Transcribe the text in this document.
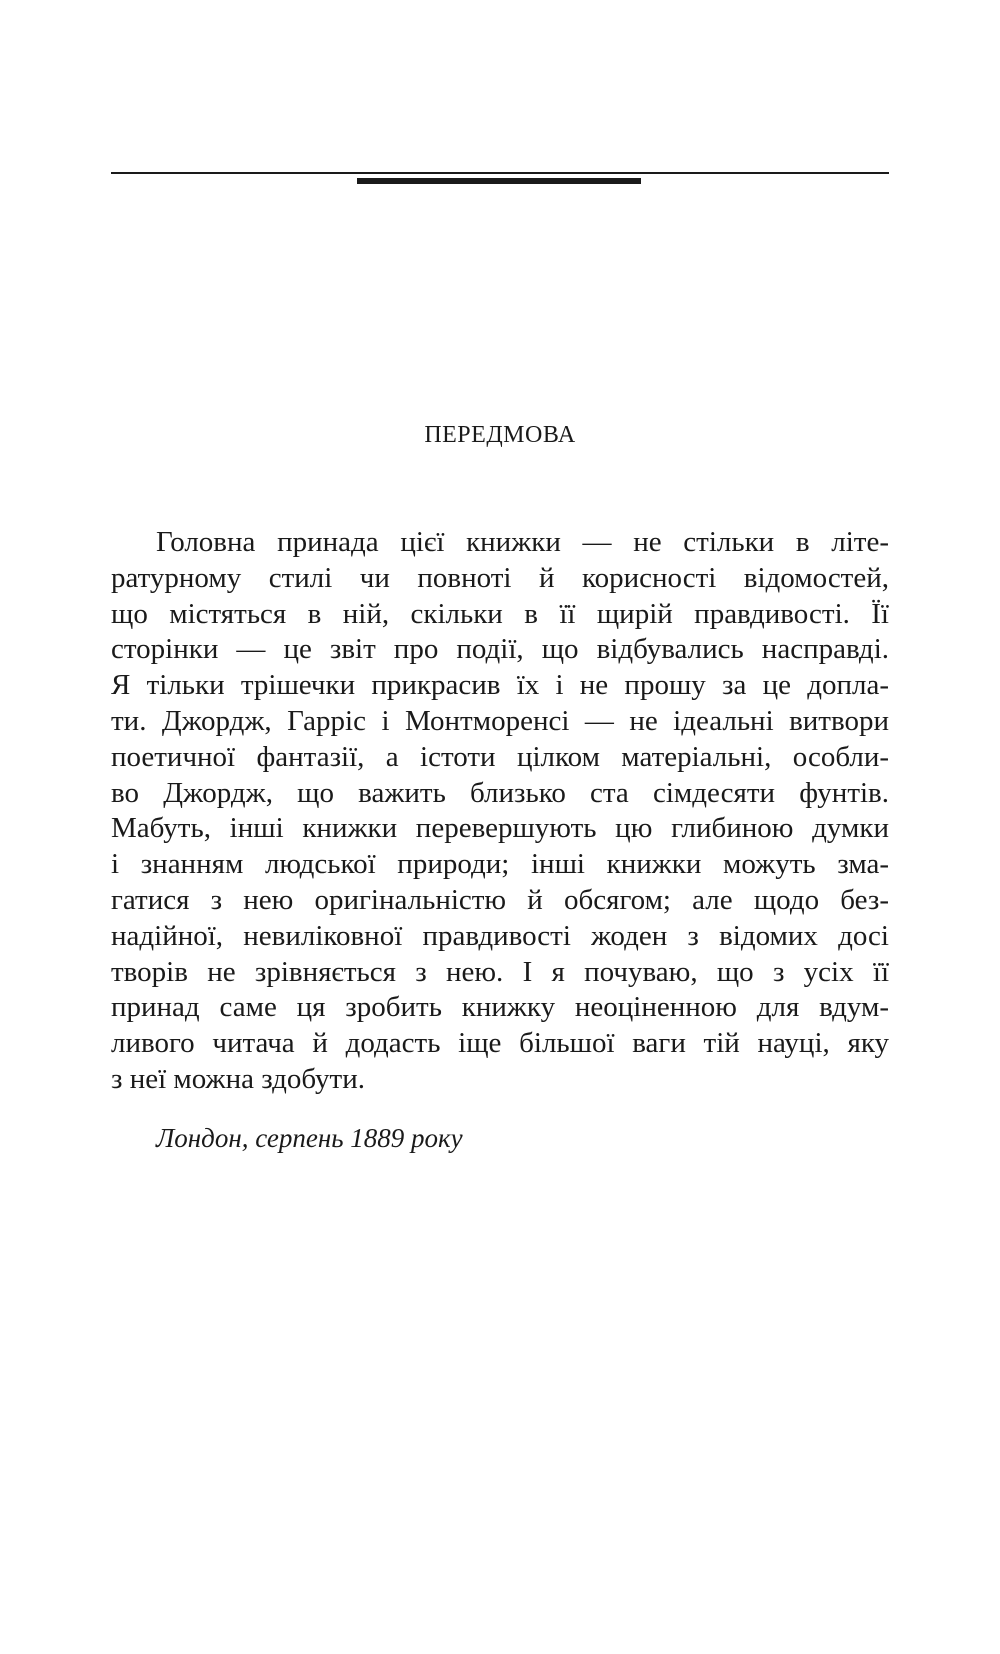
ПЕРЕДМОВА
Головна принада цієї книжки — не стільки в літе-
ратурному стилі чи повноті й корисності відомостей,
що містяться в ній, скільки в її щирій правдивості. Її
сторінки — це звіт про події, що відбувались насправді.
Я тільки трішечки прикрасив їх і не прошу за це допла-
ти. Джордж, Гарріс і Монтморенсі — не ідеальні витвори
поетичної фантазії, а істоти цілком матеріальні, особли-
во Джордж, що важить близько ста сімдесяти фунтів.
Мабуть, інші книжки перевершують цю глибиною думки
і знанням людської природи; інші книжки можуть зма-
гатися з нею оригінальністю й обсягом; але щодо без-
надійної, невиліковної правдивості жоден з відомих досі
творів не зрівняється з нею. І я почуваю, що з усіх її
принад саме ця зробить книжку неоціненною для вдум-
ливого читача й додасть іще більшої ваги тій науці, яку
з неї можна здобути.
Лондон, серпень 1889 року
